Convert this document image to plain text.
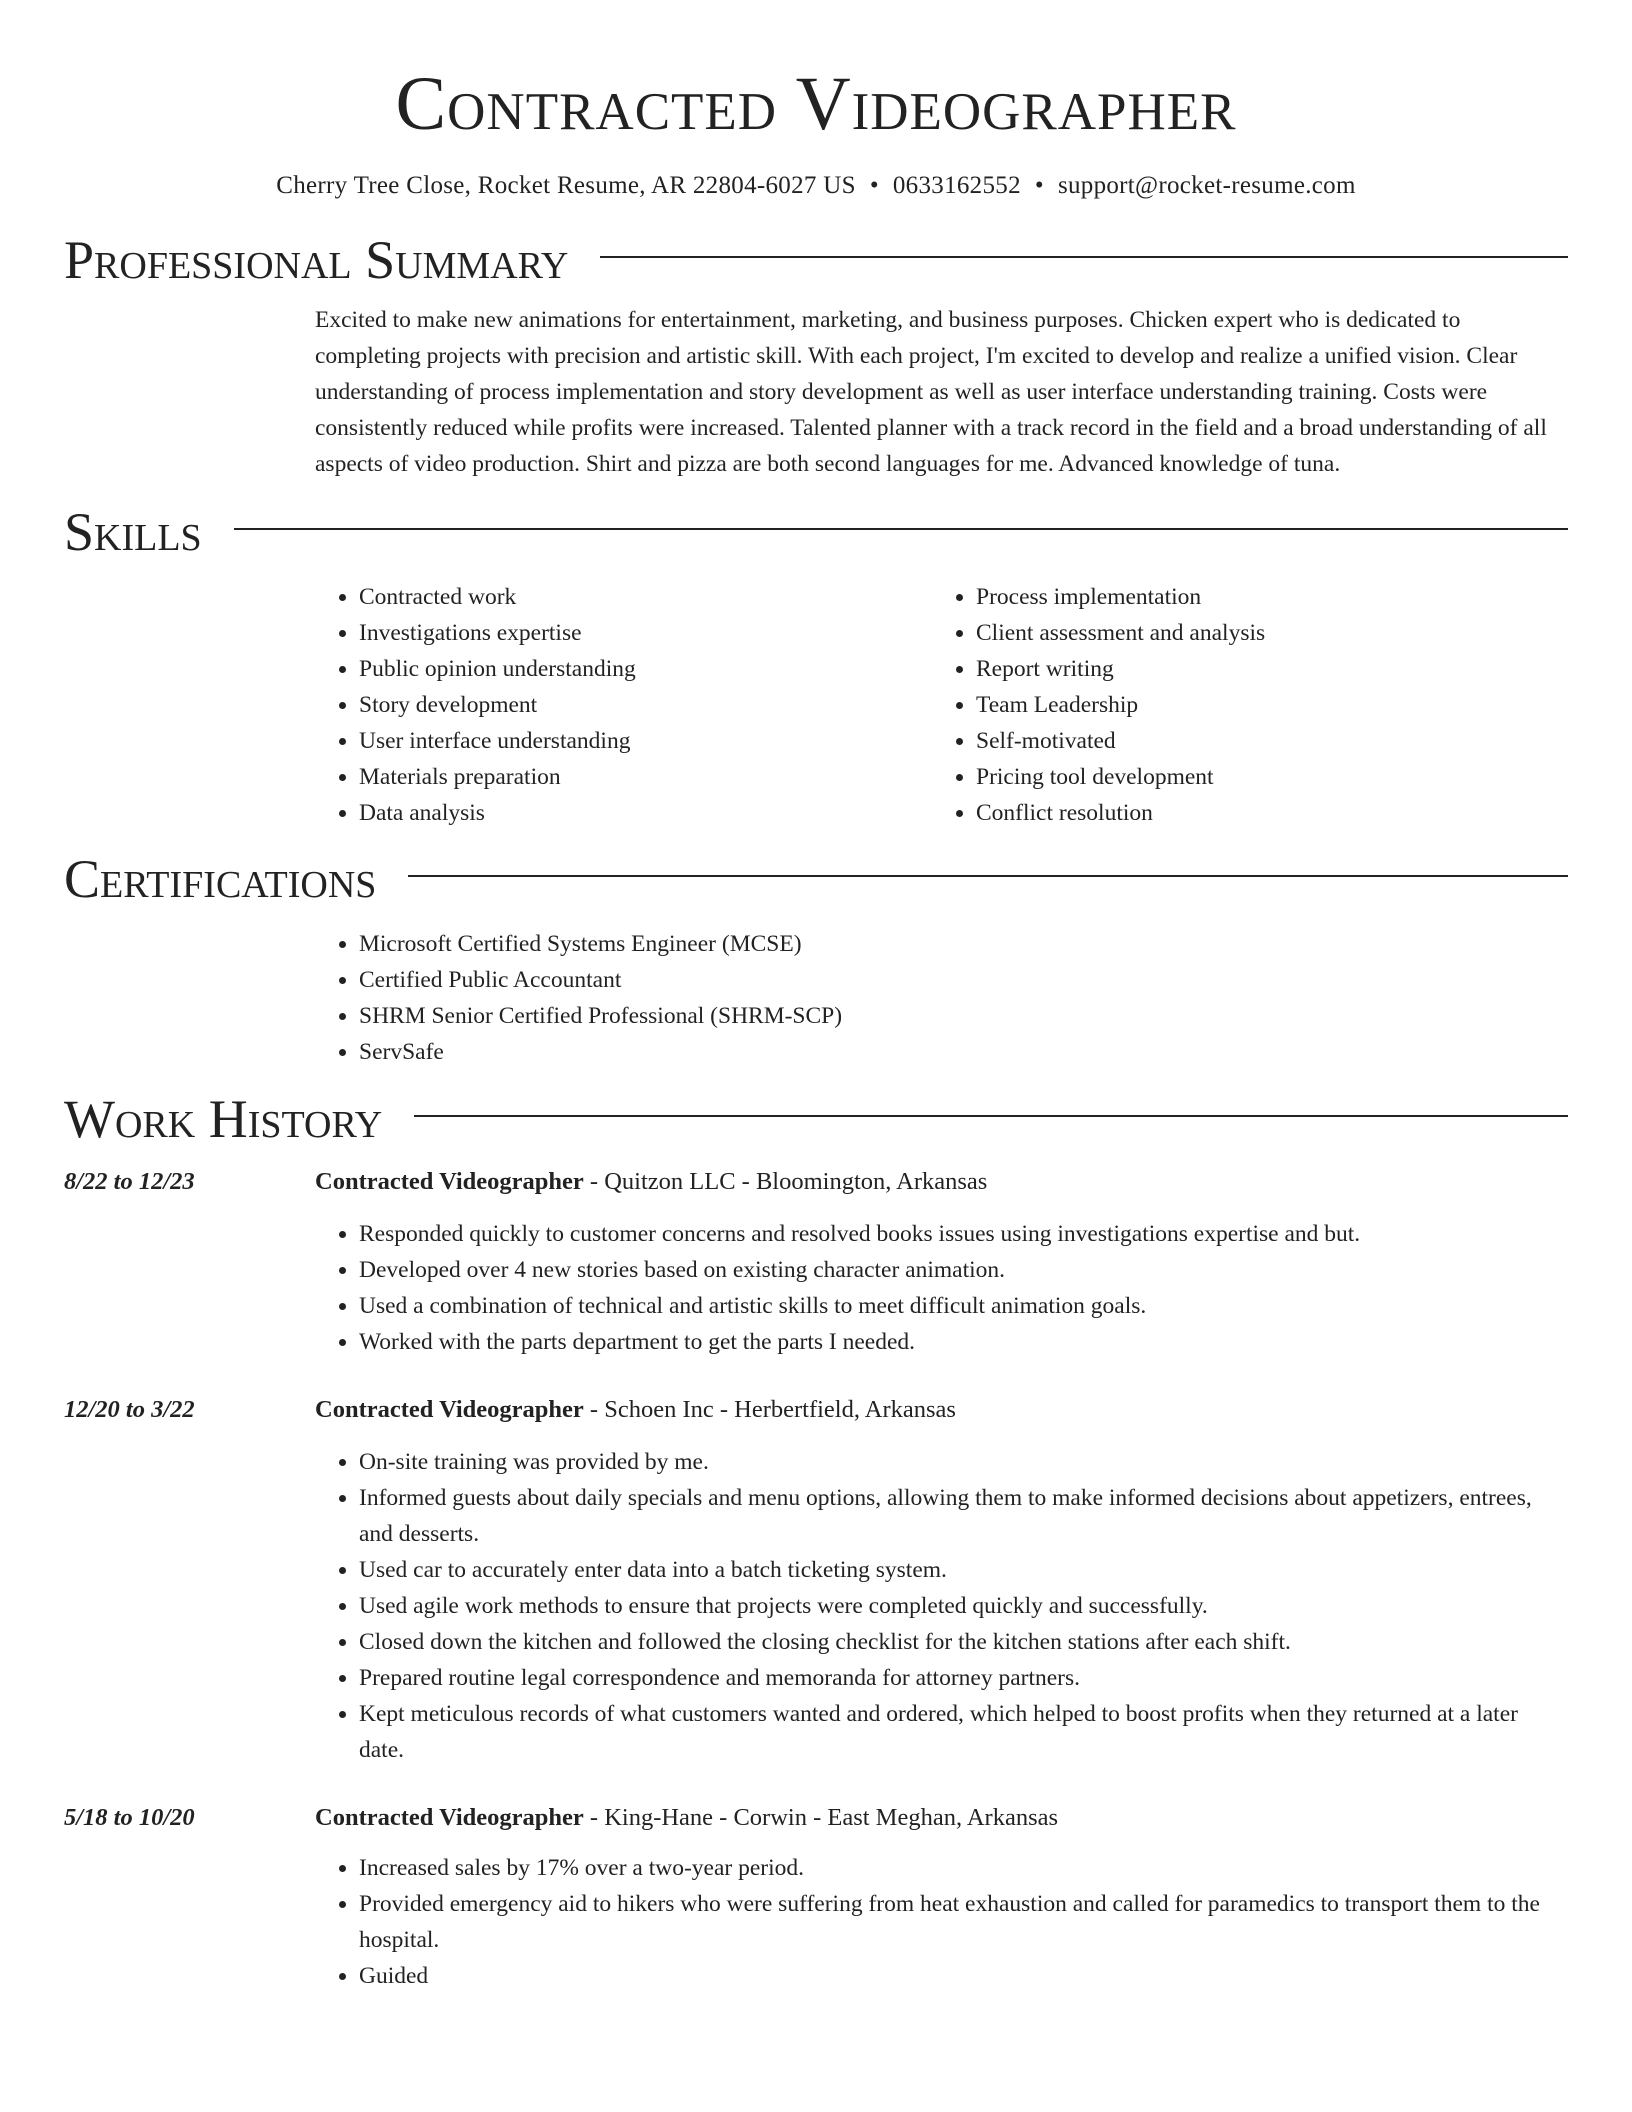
Contracted Videographer
Cherry Tree Close, Rocket Resume, AR 22804-6027 US • 0633162552 • support@rocket-resume.com
Professional Summary

Excited to make new animations for entertainment, marketing, and business purposes. Chicken expert who is dedicated to completing projects with precision and artistic skill. With each project, I'm excited to develop and realize a unified vision. Clear understanding of process implementation and story development as well as user interface understanding training. Costs were consistently reduced while profits were increased. Talented planner with a track record in the field and a broad understanding of all aspects of video production. Shirt and pizza are both second languages for me. Advanced knowledge of tuna.

Skills
• Contracted work
• Investigations expertise
• Public opinion understanding
• Story development
• User interface understanding
• Materials preparation
• Data analysis
• Process implementation
• Client assessment and analysis
• Report writing
• Team Leadership
• Self-motivated
• Pricing tool development
• Conflict resolution
Certifications
• Microsoft Certified Systems Engineer (MCSE)
• Certified Public Accountant
• SHRM Senior Certified Professional (SHRM-SCP)
• ServSafe
Work History
8/22 to 12/23	Contracted Videographer - Quitzon LLC - Bloomington, Arkansas
• Responded quickly to customer concerns and resolved books issues using investigations expertise and but.
• Developed over 4 new stories based on existing character animation.
• Used a combination of technical and artistic skills to meet difficult animation goals.
• Worked with the parts department to get the parts I needed.
12/20 to 3/22	Contracted Videographer - Schoen Inc - Herbertfield, Arkansas
• On-site training was provided by me.
• Informed guests about daily specials and menu options, allowing them to make informed decisions about appetizers, entrees, and desserts.
• Used car to accurately enter data into a batch ticketing system.
• Used agile work methods to ensure that projects were completed quickly and successfully.
• Closed down the kitchen and followed the closing checklist for the kitchen stations after each shift.
• Prepared routine legal correspondence and memoranda for attorney partners.
• Kept meticulous records of what customers wanted and ordered, which helped to boost profits when they returned at a later date.
5/18 to 10/20	Contracted Videographer - King-Hane - Corwin - East Meghan, Arkansas
• Increased sales by 17% over a two-year period.
• Provided emergency aid to hikers who were suffering from heat exhaustion and called for paramedics to transport them to the hospital.
• Guided
